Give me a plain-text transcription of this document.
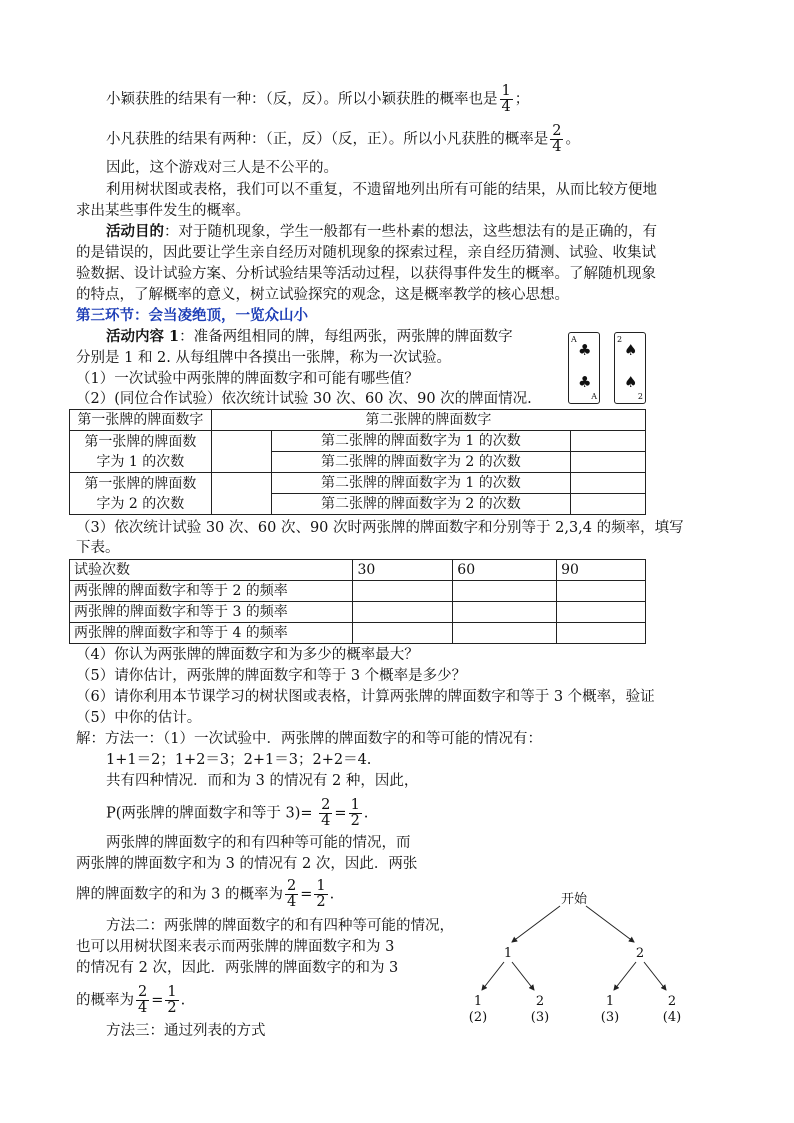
小颖获胜的结果有一种：（反，反）。所以小颖获胜的概率也是 $\frac{1}{4}$ ；
小凡获胜的结果有两种：（正，反）（反，正）。所以小凡获胜的概率是 $\frac{2}{4}$ 。
因此，这个游戏对三人是不公平的。
利用树状图或表格，我们可以不重复，不遗留地列出所有可能的结果，从而比较方便地
求出某些事件发生的概率。
活动目的：对于随机现象，学生一般都有一些朴素的想法，这些想法有的是正确的，有
的是错误的，因此要让学生亲自经历对随机现象的探索过程，亲自经历猜测、试验、收集试
验数据、设计试验方案、分析试验结果等活动过程，以获得事件发生的概率。了解随机现象
的特点，了解概率的意义，树立试验探究的观念，这是概率教学的核心思想。
第三环节：会当凌绝顶，一览众山小
活动内容 1：准备两组相同的牌，每组两张，两张牌的牌面数字
分别是 1 和 2. 从每组牌中各摸出一张牌，称为一次试验。
（1）一次试验中两张牌的牌面数字和可能有哪些值？
（2）(同位合作试验）依次统计试验 30 次、60 次、90 次的牌面情况.
A
♣
♣
A
2
♠
♠
2
第一张牌的牌面数字	第二张牌的牌面数字		

第一张牌的牌面数
字为 1 的次数		第二张牌的牌面数字为 1 的次数	
		第二张牌的牌面数字为 2 的次数	

第一张牌的牌面数
字为 2 的次数		第二张牌的牌面数字为 1 的次数	
		第二张牌的牌面数字为 2 的次数	
（3）依次统计试验 30 次、60 次、90 次时两张牌的牌面数字和分别等于 2,3,4 的频率，填写
下表。
试验次数	30	60	90
两张牌的牌面数字和等于 2 的频率			
两张牌的牌面数字和等于 3 的频率			
两张牌的牌面数字和等于 4 的频率			
（4）你认为两张牌的牌面数字和为多少的概率最大？
（5）请你估计，两张牌的牌面数字和等于 3 个概率是多少？
（6）请你利用本节课学习的树状图或表格，计算两张牌的牌面数字和等于 3 个概率，验证
（5）中你的估计。
解：方法一：（1）一次试验中．两张牌的牌面数字的和等可能的情况有：
1+1＝2；1+2＝3；2+1＝3；2+2＝4.
共有四种情况．而和为 3 的情况有 2 种，因此，
P(两张牌的牌面数字和等于 $3)= \frac{2}{4} = \frac{1}{2}$ .
两张牌的牌面数字的和有四种等可能的情况，而
两张牌的牌面数字和为 3 的情况有 2 次，因此．两张
牌的牌面数字的和为 3 的概率为 $\frac{2}{4} = \frac{1}{2}$ .
方法二：两张牌的牌面数字的和有四种等可能的情况，
也可以用树状图来表示而两张牌的牌面数字和为 3
的情况有 2 次，因此．两张牌的牌面数字的和为 3
的概率为 $\frac{2}{4} = \frac{1}{2}$ .
方法三：通过列表的方式
开始
1	2
1	2	1	2
(2)	(3)	(3)	(4)
